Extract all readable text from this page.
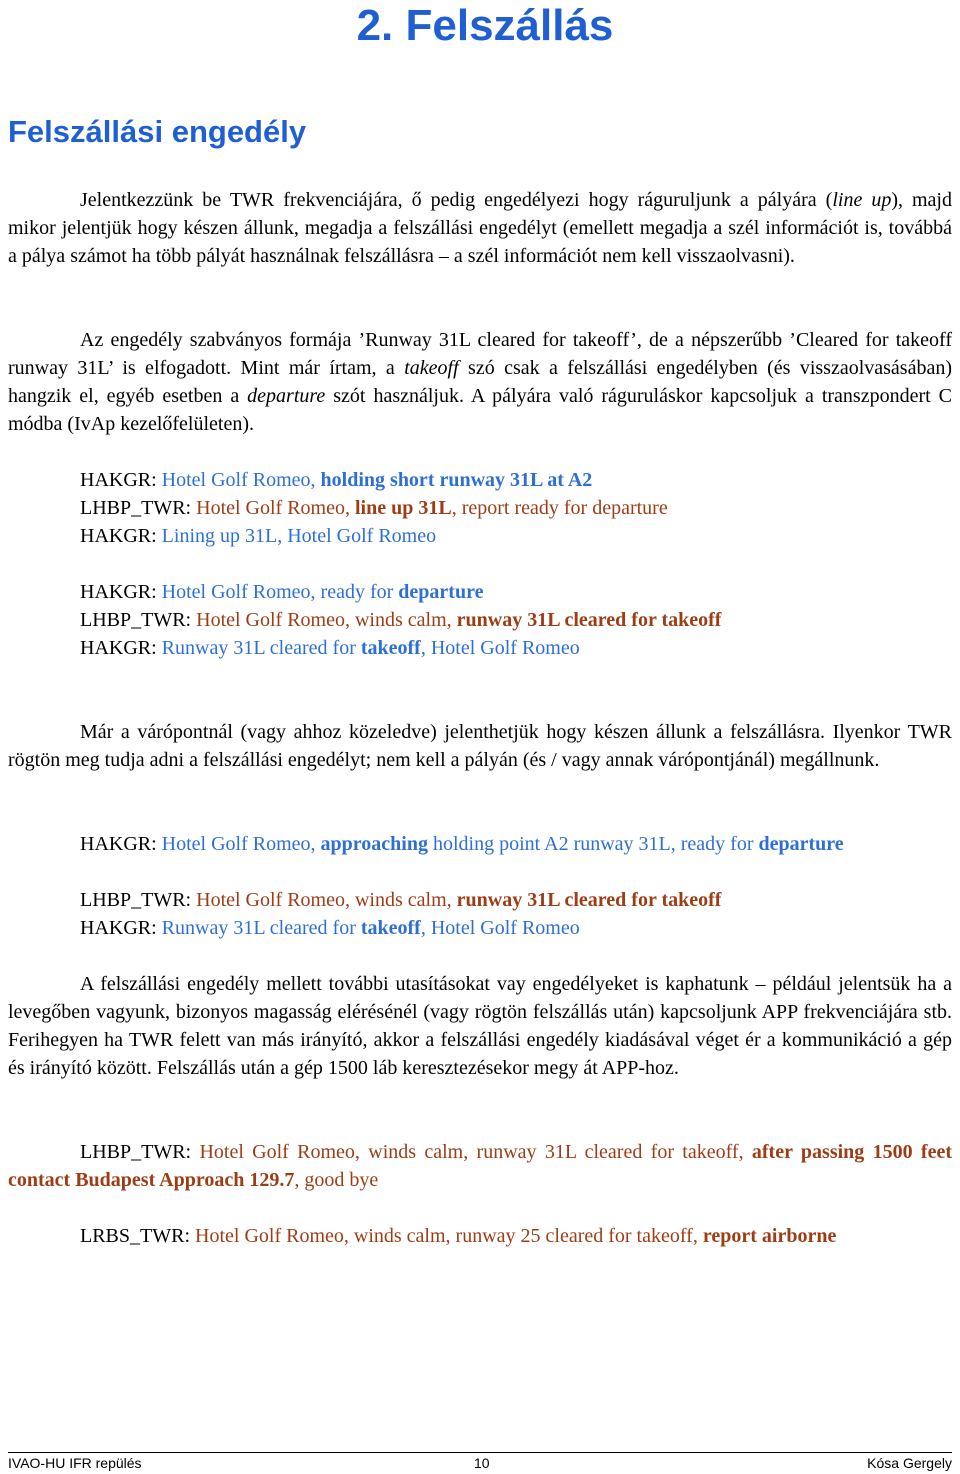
2. Felszállás
Felszállási engedély

Jelentkezzünk be TWR frekvenciájára, ő pedig engedélyezi hogy ráguruljunk a pályára (line up), majd mikor jelentjük hogy készen állunk, megadja a felszállási engedélyt (emellett megadja a szél információt is, továbbá a pálya számot ha több pályát használnak felszállásra – a szél információt nem kell visszaolvasni).

Az engedély szabványos formája ’Runway 31L cleared for takeoff’, de a népszerűbb ’Cleared for takeoff runway 31L’ is elfogadott. Mint már írtam, a takeoff szó csak a felszállási engedélyben (és visszaolvasásában) hangzik el, egyéb esetben a departure szót használjuk. A pályára való ráguruláskor kapcsoljuk a transzpondert C módba (IvAp kezelőfelületen).

HAKGR: Hotel Golf Romeo, holding short runway 31L at A2
LHBP_TWR: Hotel Golf Romeo, line up 31L, report ready for departure
HAKGR: Lining up 31L, Hotel Golf Romeo
HAKGR: Hotel Golf Romeo, ready for departure
LHBP_TWR: Hotel Golf Romeo, winds calm, runway 31L cleared for takeoff
HAKGR: Runway 31L cleared for takeoff, Hotel Golf Romeo

Már a várópontnál (vagy ahhoz közeledve) jelenthetjük hogy készen állunk a felszállásra. Ilyenkor TWR rögtön meg tudja adni a felszállási engedélyt; nem kell a pályán (és / vagy annak várópontjánál) megállnunk.

HAKGR: Hotel Golf Romeo, approaching holding point A2 runway 31L, ready for departure
LHBP_TWR: Hotel Golf Romeo, winds calm, runway 31L cleared for takeoff
HAKGR: Runway 31L cleared for takeoff, Hotel Golf Romeo

A felszállási engedély mellett további utasításokat vay engedélyeket is kaphatunk – például jelentsük ha a levegőben vagyunk, bizonyos magasság elérésénél (vagy rögtön felszállás után) kapcsoljunk APP frekvenciájára stb. Ferihegyen ha TWR felett van más irányító, akkor a felszállási engedély kiadásával véget ér a kommunikáció a gép és irányító között. Felszállás után a gép 1500 láb keresztezésekor megy át APP-hoz.

LHBP_TWR: Hotel Golf Romeo, winds calm, runway 31L cleared for takeoff, after passing 1500 feet contact Budapest Approach 129.7, good bye
LRBS_TWR: Hotel Golf Romeo, winds calm, runway 25 cleared for takeoff, report airborne
IVAO-HU IFR repülés	10	Kósa Gergely
